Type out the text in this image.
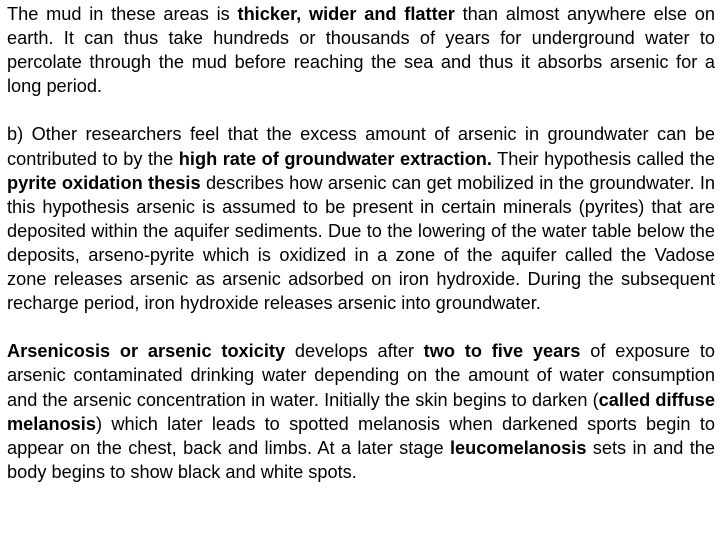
The mud in these areas is thicker, wider and flatter than almost anywhere else on earth. It can thus take hundreds or thousands of years for underground water to percolate through the mud before reaching the sea and thus it absorbs arsenic for a long period.

b) Other researchers feel that the excess amount of arsenic in groundwater can be contributed to by the high rate of groundwater extraction. Their hypothesis called the pyrite oxidation thesis describes how arsenic can get mobilized in the groundwater. In this hypothesis arsenic is assumed to be present in certain minerals (pyrites) that are deposited within the aquifer sediments. Due to the lowering of the water table below the deposits, arseno-pyrite which is oxidized in a zone of the aquifer called the Vadose zone releases arsenic as arsenic adsorbed on iron hydroxide. During the subsequent recharge period, iron hydroxide releases arsenic into groundwater.

Arsenicosis or arsenic toxicity develops after two to five years of exposure to arsenic contaminated drinking water depending on the amount of water consumption and the arsenic concentration in water. Initially the skin begins to darken (called diffuse melanosis) which later leads to spotted melanosis when darkened sports begin to appear on the chest, back and limbs. At a later stage leucomelanosis sets in and the body begins to show black and white spots.
